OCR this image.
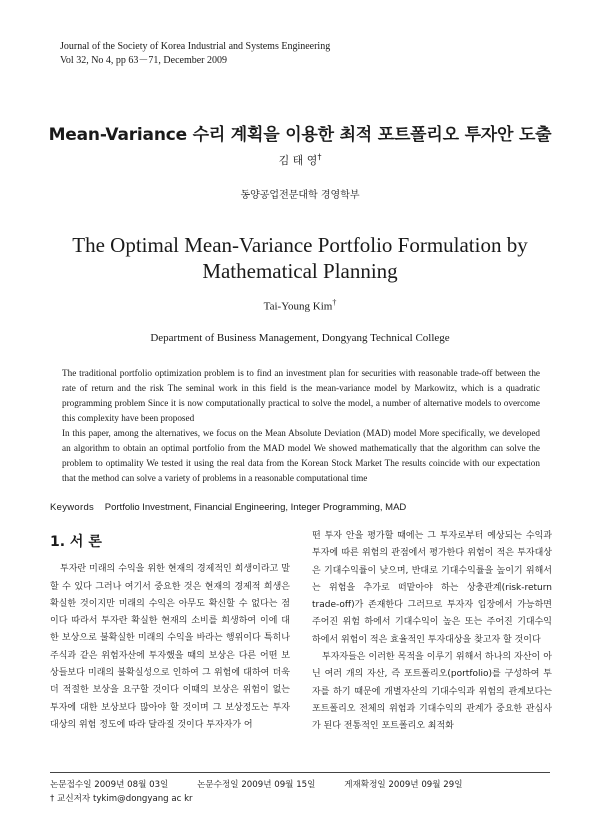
Journal of the Society of Korea Industrial and Systems Engineering
Vol 32, No 4, pp 63－71, December 2009
Mean-Variance 수리 계획을 이용한 최적 포트폴리오 투자안 도출
김 태 영†
동양공업전문대학 경영학부
The Optimal Mean-Variance Portfolio Formulation by Mathematical Planning
Tai-Young Kim†
Department of Business Management, Dongyang Technical College

The traditional portfolio optimization problem is to find an investment plan for securities with reasonable trade-off between the rate of return and the risk The seminal work in this field is the mean-variance model by Markowitz, which is a quadratic programming problem Since it is now computationally practical to solve the model, a number of alternative models to overcome this complexity have been proposed

In this paper, among the alternatives, we focus on the Mean Absolute Deviation (MAD) model More specifically, we developed an algorithm to obtain an optimal portfolio from the MAD model We showed mathematically that the algorithm can solve the problem to optimality We tested it using the real data from the Korean Stock Market The results coincide with our expectation that the method can solve a variety of problems in a reasonable computational time

Keywords Portfolio Investment, Financial Engineering, Integer Programming, MAD
1. 서 론

투자란 미래의 수익을 위한 현재의 경제적인 희생이라고 말할 수 있다 그러나 여기서 중요한 것은 현재의 경제적 희생은 확실한 것이지만 미래의 수익은 아무도 확신할 수 없다는 점이다 따라서 투자란 확실한 현재의 소비를 희생하여 이에 대한 보상으로 불확실한 미래의 수익을 바라는 행위이다 특히나 주식과 같은 위험자산에 투자했을 때의 보상은 다른 어떤 보상들보다 미래의 불확실성으로 인하여 그 위험에 대하여 더욱더 적절한 보상을 요구할 것이다 이때의 보상은 위험이 없는 투자에 대한 보상보다 많아야 할 것이며 그 보상정도는 투자대상의 위험 정도에 따라 달라질 것이다 투자자가 어

떤 투자 안을 평가할 때에는 그 투자로부터 예상되는 수익과 투자에 따른 위험의 관점에서 평가한다 위험이 적은 투자대상은 기대수익률이 낮으며, 반대로 기대수익률을 높이기 위해서는 위험을 추가로 떠맡아야 하는 상충관계(risk-return trade-off)가 존재한다 그러므로 투자자 입장에서 가능하면 주어진 위험 하에서 기대수익이 높은 또는 주어진 기대수익 하에서 위험이 적은 효율적인 투자대상을 찾고자 할 것이다

투자자들은 이러한 목적을 이루기 위해서 하나의 자산이 아닌 여러 개의 자산, 즉 포트폴리오(portfolio)를 구성하여 투자를 하기 때문에 개별자산의 기대수익과 위험의 관계보다는 포트폴리오 전체의 위험과 기대수익의 관계가 중요한 관심사가 된다 전통적인 포트폴리오 최적화

논문접수일 2009년 08월 03일	논문수정일 2009년 09월 15일	게재확정일 2009년 09월 29일
† 교신저자 tykim@dongyang ac kr
